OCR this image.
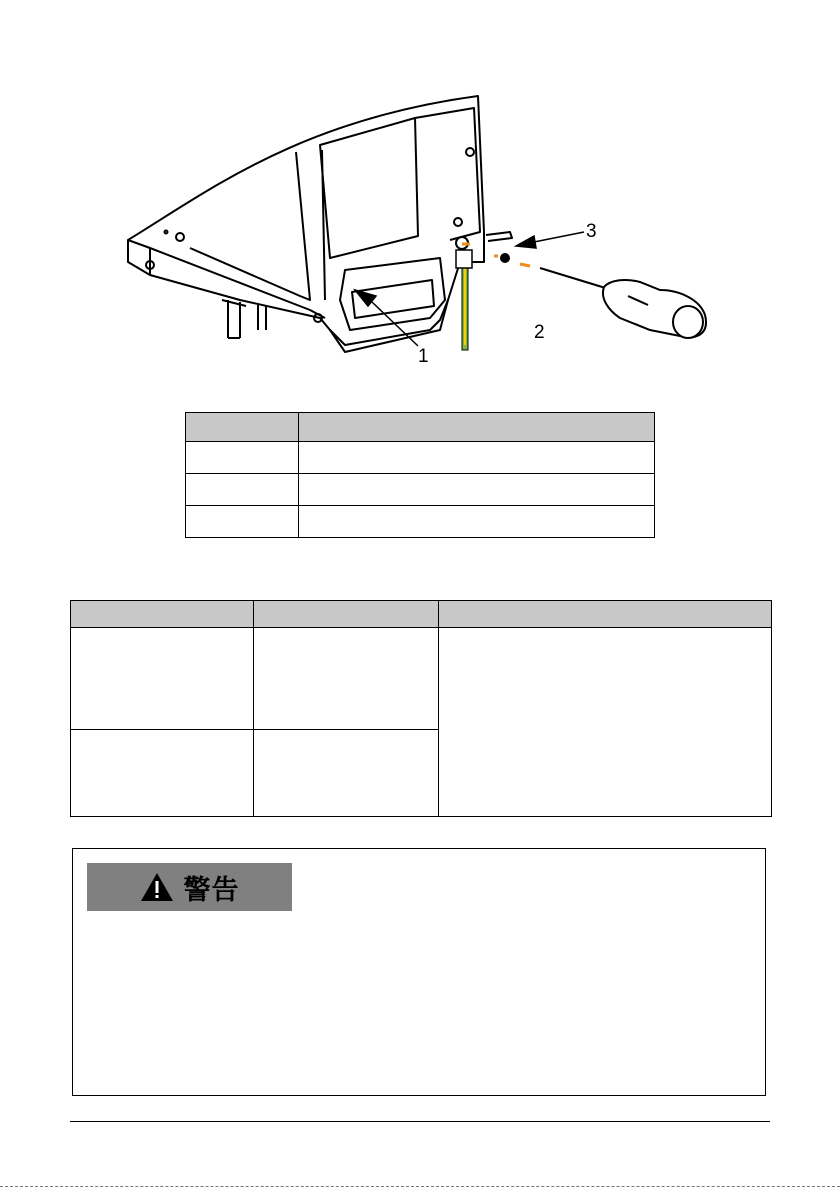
1
2
3

警告
